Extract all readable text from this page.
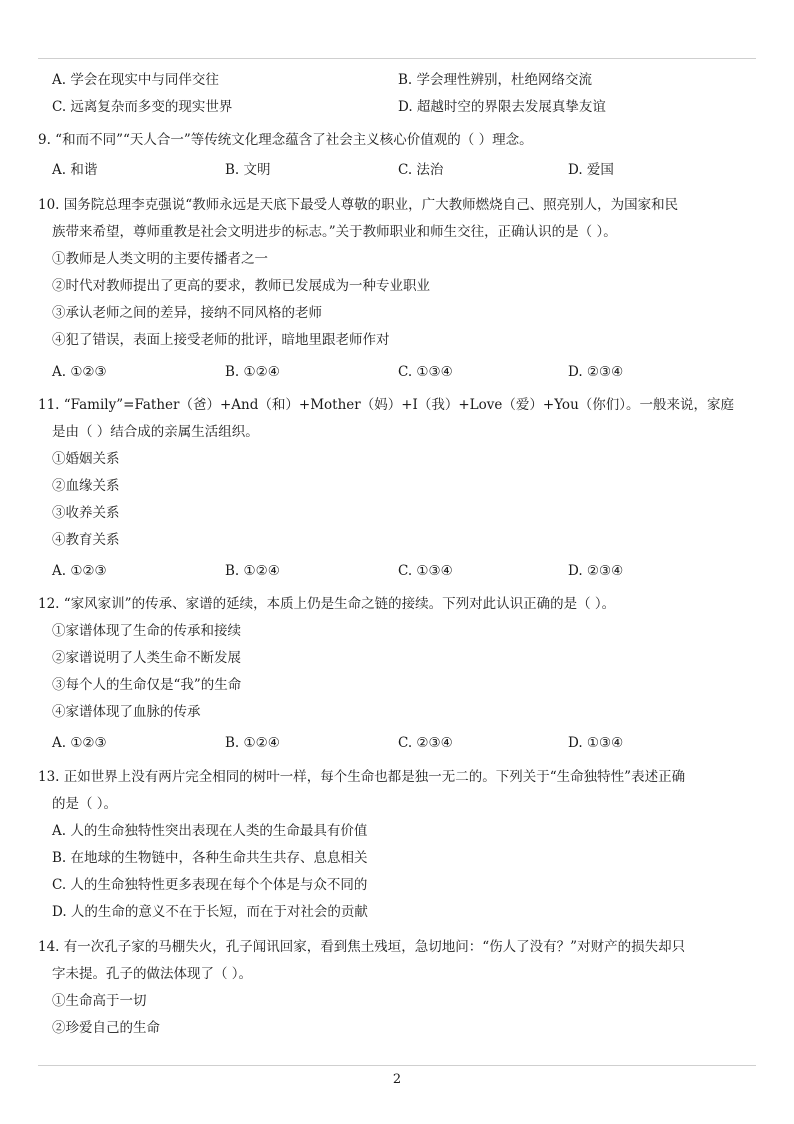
A. 学会在现实中与同伴交往	B. 学会理性辨别，杜绝网络交流
C. 远离复杂而多变的现实世界	D. 超越时空的界限去发展真挚友谊
9. “和而不同”“天人合一”等传统文化理念蕴含了社会主义核心价值观的（ ）理念。
A. 和谐	B. 文明	C. 法治	D. 爱国
10. 国务院总理李克强说“教师永远是天底下最受人尊敬的职业，广大教师燃烧自己、照亮别人，为国家和民
族带来希望，尊师重教是社会文明进步的标志。”关于教师职业和师生交往，正确认识的是（ ）。
①教师是人类文明的主要传播者之一
②时代对教师提出了更高的要求，教师已发展成为一种专业职业
③承认老师之间的差异，接纳不同风格的老师
④犯了错误，表面上接受老师的批评，暗地里跟老师作对
A. ①②③	B. ①②④	C. ①③④	D. ②③④
11. “Family”=Father（爸）+And（和）+Mother（妈）+I（我）+Love（爱）+You（你们）。一般来说，家庭
是由（ ）结合成的亲属生活组织。
①婚姻关系
②血缘关系
③收养关系
④教育关系
A. ①②③	B. ①②④	C. ①③④	D. ②③④
12. “家风家训”的传承、家谱的延续，本质上仍是生命之链的接续。下列对此认识正确的是（ ）。
①家谱体现了生命的传承和接续
②家谱说明了人类生命不断发展
③每个人的生命仅是“我”的生命
④家谱体现了血脉的传承
A. ①②③	B. ①②④	C. ②③④	D. ①③④
13. 正如世界上没有两片完全相同的树叶一样，每个生命也都是独一无二的。下列关于“生命独特性”表述正确
的是（ ）。
A. 人的生命独特性突出表现在人类的生命最具有价值
B. 在地球的生物链中，各种生命共生共存、息息相关
C. 人的生命独特性更多表现在每个个体是与众不同的
D. 人的生命的意义不在于长短，而在于对社会的贡献
14. 有一次孔子家的马棚失火，孔子闻讯回家，看到焦土残垣，急切地问：“伤人了没有？”对财产的损失却只
字未提。孔子的做法体现了（ ）。
①生命高于一切
②珍爱自己的生命
2
